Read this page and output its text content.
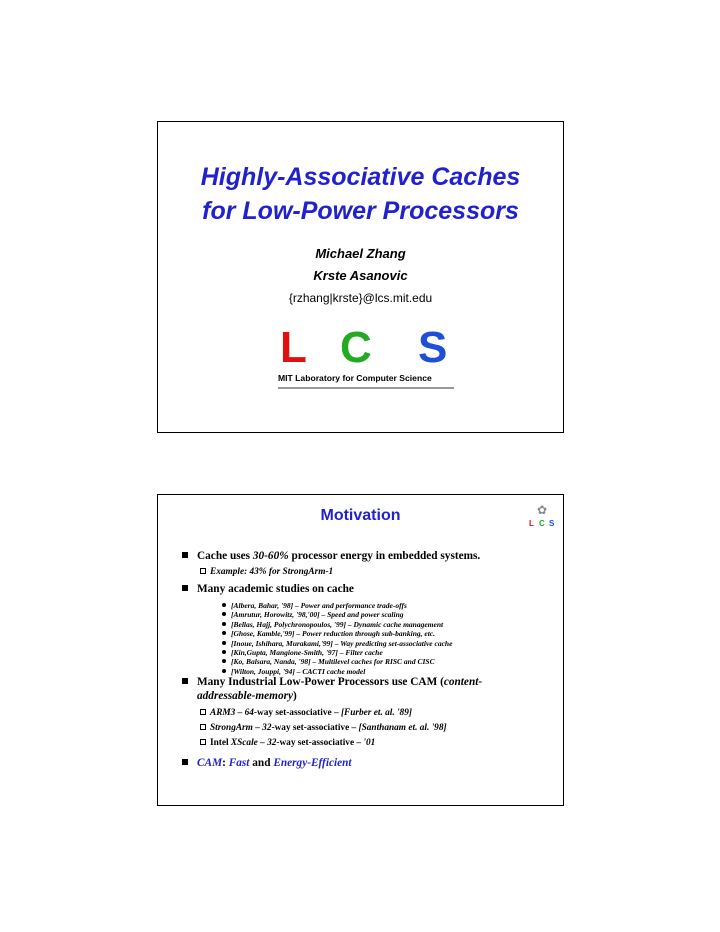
Highly-Associative Caches
for Low-Power Processors
Michael Zhang
Krste Asanovic
{rzhang|krste}@lcs.mit.edu
L C S
MIT Laboratory for Computer Science
Motivation	✿
L C S
Cache uses 30-60% processor energy in embedded systems.
Example: 43% for StrongArm-1
Many academic studies on cache
[Albera, Bahar, '98] – Power and performance trade-offs
[Amrutur, Horowitz, '98,'00] – Speed and power scaling
[Bellas, Hajj, Polychronopoulos, '99] – Dynamic cache management
[Ghose, Kamble,'99] – Power reduction through sub-banking, etc.
[Inoue, Ishihara, Murakami,'99] – Way predicting set-associative cache
[Kin,Gupta, Mangione-Smith, '97] – Filter cache
[Ko, Balsara, Nanda, '98] – Multilevel caches for RISC and CISC
[Wilton, Jouppi, '94] – CACTI cache model
Many Industrial Low-Power Processors use CAM (content-
addressable-memory)
ARM3 – 64-way set-associative – [Furber et. al. '89]
StrongArm – 32-way set-associative – [Santhanam et. al. '98]
Intel XScale – 32-way set-associative – '01
CAM: Fast and Energy-Efficient
